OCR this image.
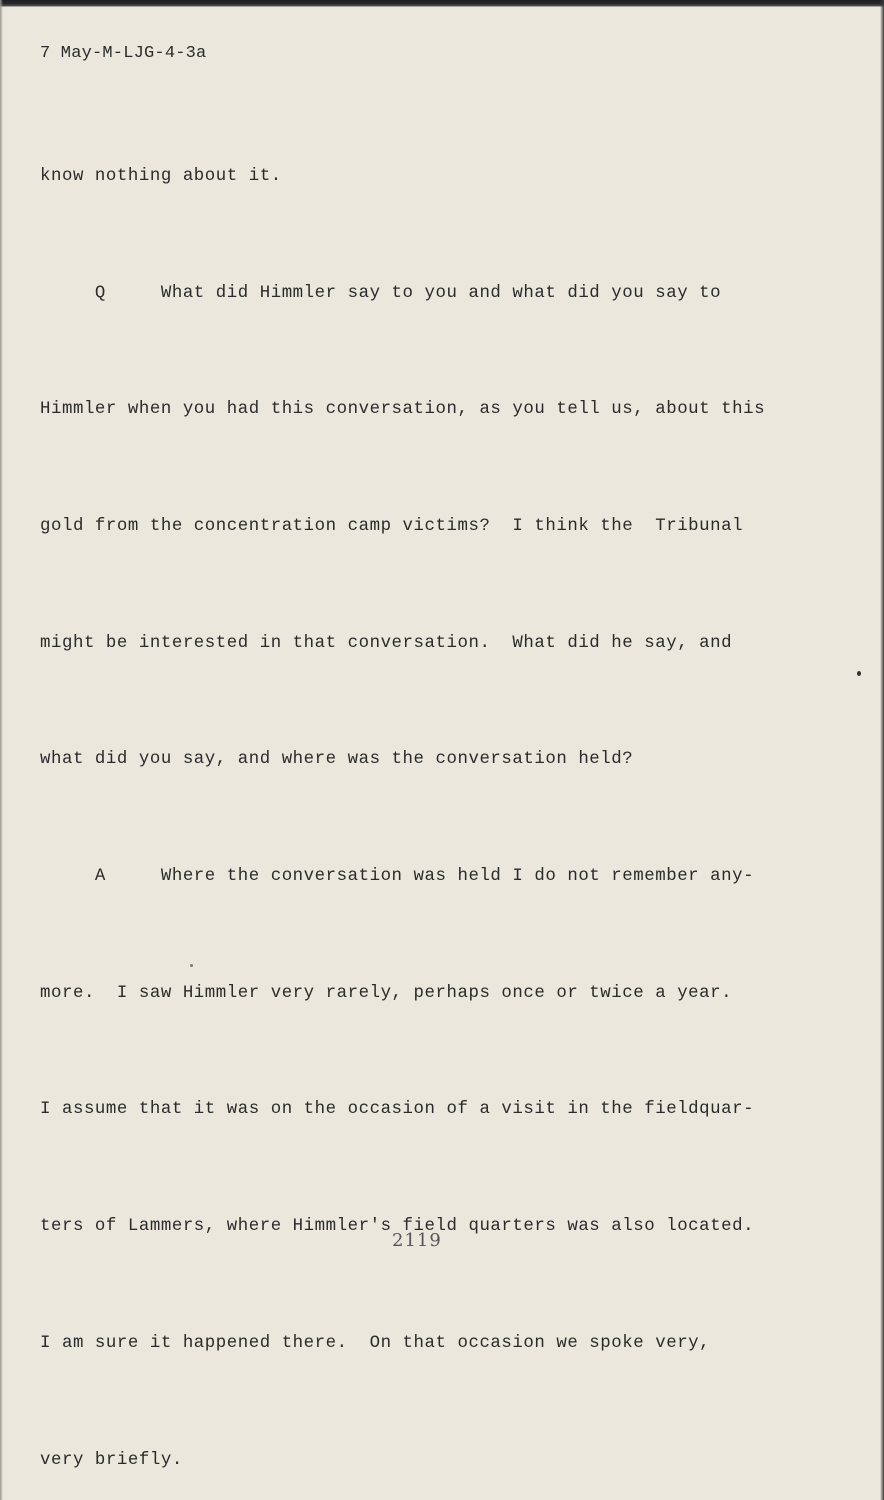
7 May-M-LJG-4-3a

know nothing about it.

Q     What did Himmler say to you and what did you say to

Himmler when you had this conversation, as you tell us, about this

gold from the concentration camp victims?  I think the  Tribunal

might be interested in that conversation.  What did he say, and

what did you say, and where was the conversation held?

A     Where the conversation was held I do not remember any-

more.  I saw Himmler very rarely, perhaps once or twice a year.

I assume that it was on the occasion of a visit in the fieldquar-

ters of Lammers, where Himmler's field quarters was also located.

I am sure it happened there.  On that occasion we spoke very,

very briefly.

2119
